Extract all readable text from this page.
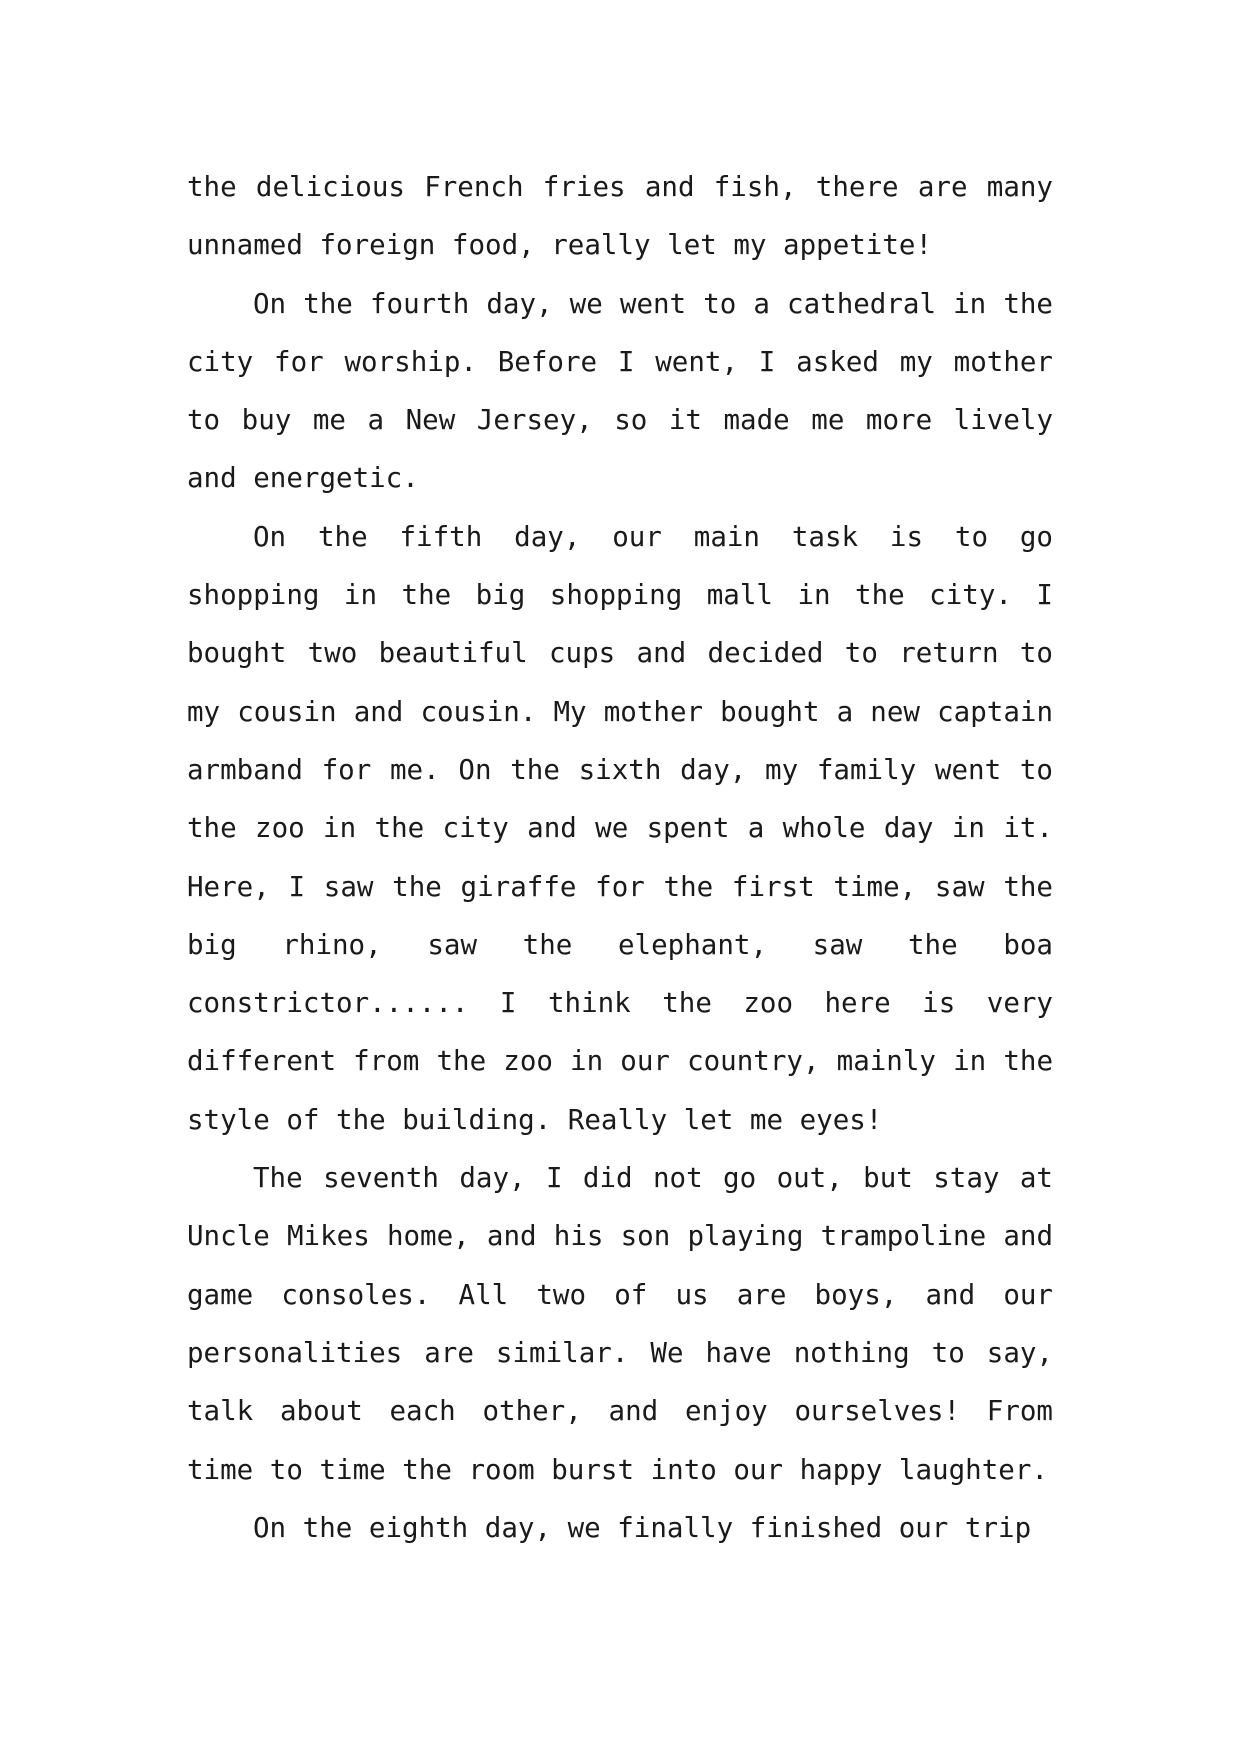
the delicious French fries and fish, there are many unnamed foreign food, really let my appetite!

On the fourth day, we went to a cathedral in the city for worship. Before I went, I asked my mother to buy me a New Jersey, so it made me more lively and energetic.

On the fifth day, our main task is to go shopping in the big shopping mall in the city. I bought two beautiful cups and decided to return to my cousin and cousin. My mother bought a new captain armband for me. On the sixth day, my family went to the zoo in the city and we spent a whole day in it. Here, I saw the giraffe for the first time, saw the big rhino, saw the elephant, saw the boa constrictor...... I think the zoo here is very different from the zoo in our country, mainly in the style of the building. Really let me eyes!

The seventh day, I did not go out, but stay at Uncle Mikes home, and his son playing trampoline and game consoles. All two of us are boys, and our personalities are similar. We have nothing to say, talk about each other, and enjoy ourselves! From time to time the room burst into our happy laughter.

On the eighth day, we finally finished our trip
